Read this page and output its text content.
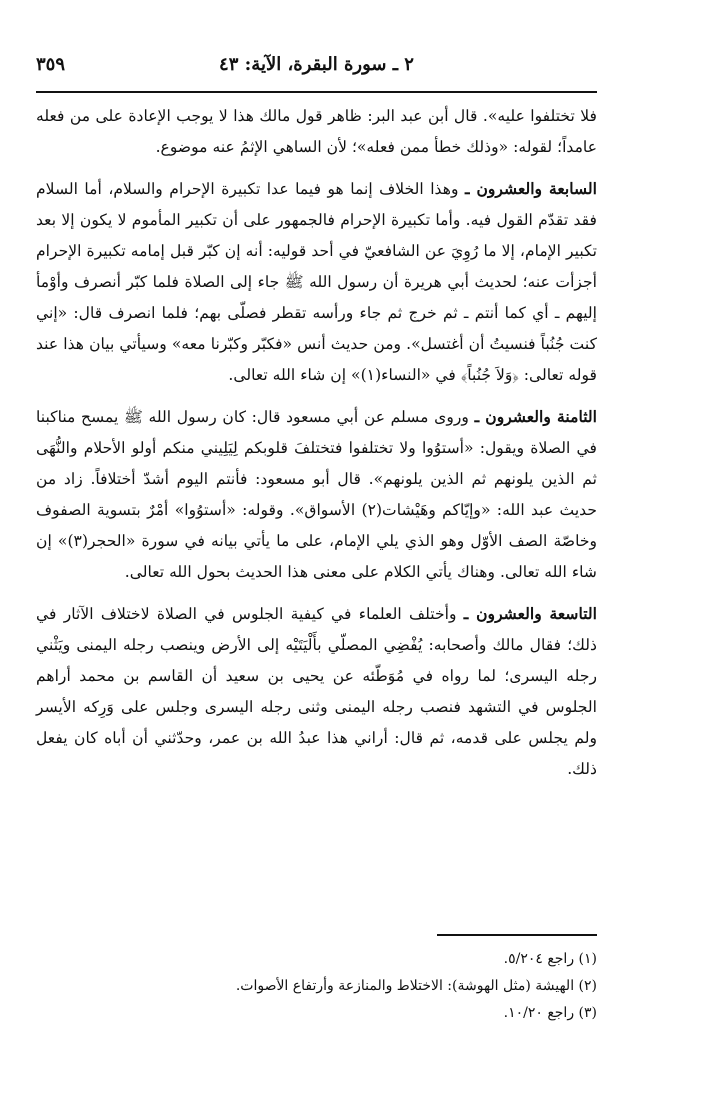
٢ ـ سورة البقرة، الآية: ٤٣
٣٥٩

فلا تختلفوا عليه». قال أبن عبد البر: ظاهر قول مالك هذا لا يوجب الإعادة على من فعله عامداً؛ لقوله: «وذلك خطأ ممن فعله»؛ لأن الساهي الإثمُ عنه موضوع.

السابعة والعشرون ـ وهذا الخلاف إنما هو فيما عدا تكبيرة الإحرام والسلام، أما السلام فقد تقدّم القول فيه. وأما تكبيرة الإحرام فالجمهور على أن تكبير المأموم لا يكون إلا بعد تكبير الإمام، إلا ما رُوِيَ عن الشافعيّ في أحد قوليه: أنه إن كبّر قبل إمامه تكبيرة الإحرام أجزأت عنه؛ لحديث أبي هريرة أن رسول الله ﷺ جاء إلى الصلاة فلما كبّر أنصرف وأوْمأ إليهم ـ أي كما أنتم ـ ثم خرج ثم جاء ورأسه تقطر فصلّى بهم؛ فلما انصرف قال: «إني كنت جُنُباً فنسيتُ أن أغتسل». ومن حديث أنس «فكبّر وكبّرنا معه» وسيأتي بيان هذا عند قوله تعالى: ﴿وَلاَ جُنُباً﴾ في «النساء(١)» إن شاء الله تعالى.

الثامنة والعشرون ـ وروى مسلم عن أبي مسعود قال: كان رسول الله ﷺ يمسح مناكبنا في الصلاة ويقول: «أستوُوا ولا تختلفوا فتختلفَ قلوبكم لِيَلِيني منكم أولو الأحلام والنُّهَى ثم الذين يلونهم ثم الذين يلونهم». قال أبو مسعود: فأنتم اليوم أشدّ أختلافاً. زاد من حديث عبد الله: «وإيّاكم وهَيْشات(٢) الأسواق». وقوله: «أستوُوا» أمْرٌ بتسوية الصفوف وخاصّة الصف الأوّل وهو الذي يلي الإمام، على ما يأتي بيانه في سورة «الحجر(٣)» إن شاء الله تعالى. وهناك يأتي الكلام على معنى هذا الحديث بحول الله تعالى.

التاسعة والعشرون ـ وأختلف العلماء في كيفية الجلوس في الصلاة لاختلاف الآثار في ذلك؛ فقال مالك وأصحابه: يُفْضِي المصلّي بأَلْيَتَيْه إلى الأرض وينصب رجله اليمنى ويَثْني رجله اليسرى؛ لما رواه في مُوَطّئه عن يحيى بن سعيد أن القاسم بن محمد أراهم الجلوس في التشهد فنصب رجله اليمنى وثنى رجله اليسرى وجلس على وَرِكه الأيسر ولم يجلس على قدمه، ثم قال: أراني هذا عبدُ الله بن عمر، وحدّثني أن أباه كان يفعل ذلك.

(١) راجع ٥/٢٠٤.
(٢) الهيشة (مثل الهوشة): الاختلاط والمنازعة وأرتفاع الأصوات.
(٣) راجع ١٠/٢٠.
